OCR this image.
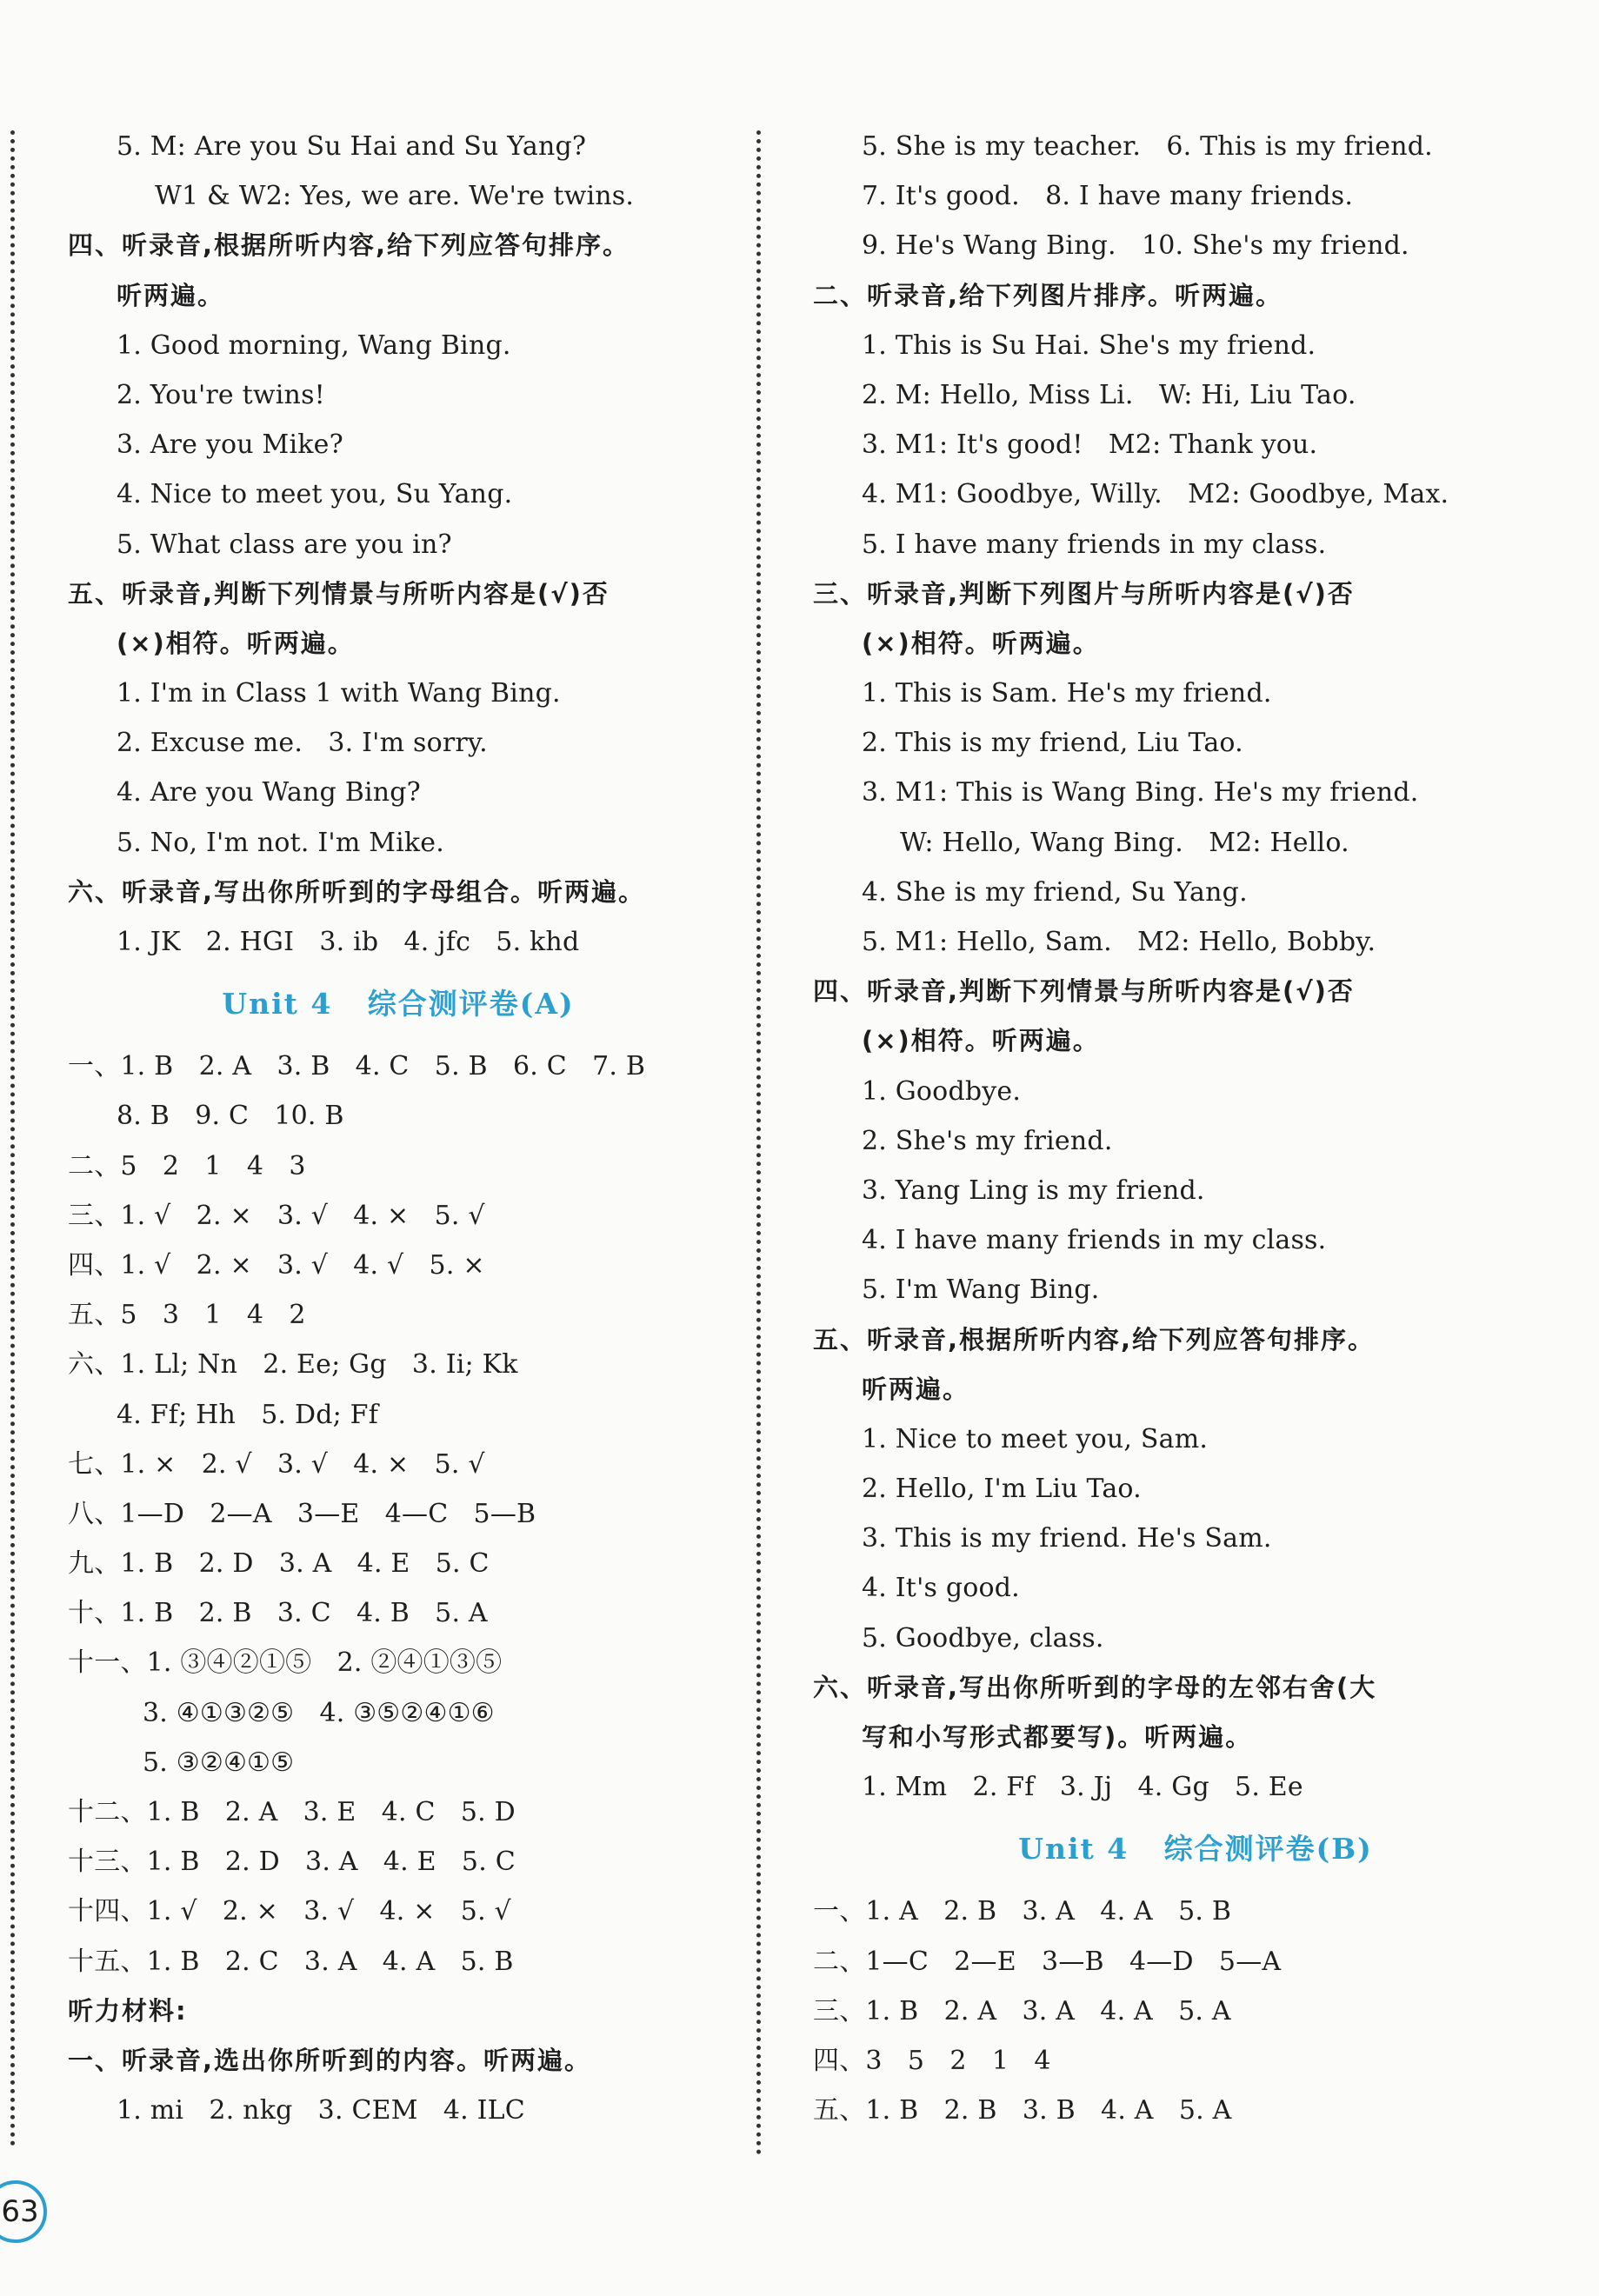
5. M: Are you Su Hai and Su Yang?
W1 & W2: Yes, we are. We're twins.
四、听录音,根据所听内容,给下列应答句排序。
听两遍。
1. Good morning, Wang Bing.
2. You're twins!
3. Are you Mike?
4. Nice to meet you, Su Yang.
5. What class are you in?
五、听录音,判断下列情景与所听内容是(√)否
(×)相符。听两遍。
1. I'm in Class 1 with Wang Bing.
2. Excuse me.   3. I'm sorry.
4. Are you Wang Bing?
5. No, I'm not. I'm Mike.
六、听录音,写出你所听到的字母组合。听两遍。
1. JK   2. HGI   3. ib   4. jfc   5. khd
Unit 4   综合测评卷(A)
一、1. B   2. A   3. B   4. C   5. B   6. C   7. B
8. B   9. C   10. B
二、5   2   1   4   3
三、1. √   2. ×   3. √   4. ×   5. √
四、1. √   2. ×   3. √   4. √   5. ×
五、5   3   1   4   2
六、1. Ll; Nn   2. Ee; Gg   3. Ii; Kk
4. Ff; Hh   5. Dd; Ff
七、1. ×   2. √   3. √   4. ×   5. √
八、1—D   2—A   3—E   4—C   5—B
九、1. B   2. D   3. A   4. E   5. C
十、1. B   2. B   3. C   4. B   5. A
十一、1. ③④②①⑤   2. ②④①③⑤
3. ④①③②⑤   4. ③⑤②④①⑥
5. ③②④①⑤
十二、1. B   2. A   3. E   4. C   5. D
十三、1. B   2. D   3. A   4. E   5. C
十四、1. √   2. ×   3. √   4. ×   5. √
十五、1. B   2. C   3. A   4. A   5. B
听力材料:
一、听录音,选出你所听到的内容。听两遍。
1. mi   2. nkg   3. CEM   4. ILC
5. She is my teacher.   6. This is my friend.
7. It's good.   8. I have many friends.
9. He's Wang Bing.   10. She's my friend.
二、听录音,给下列图片排序。听两遍。
1. This is Su Hai. She's my friend.
2. M: Hello, Miss Li.   W: Hi, Liu Tao.
3. M1: It's good!   M2: Thank you.
4. M1: Goodbye, Willy.   M2: Goodbye, Max.
5. I have many friends in my class.
三、听录音,判断下列图片与所听内容是(√)否
(×)相符。听两遍。
1. This is Sam. He's my friend.
2. This is my friend, Liu Tao.
3. M1: This is Wang Bing. He's my friend.
W: Hello, Wang Bing.   M2: Hello.
4. She is my friend, Su Yang.
5. M1: Hello, Sam.   M2: Hello, Bobby.
四、听录音,判断下列情景与所听内容是(√)否
(×)相符。听两遍。
1. Goodbye.
2. She's my friend.
3. Yang Ling is my friend.
4. I have many friends in my class.
5. I'm Wang Bing.
五、听录音,根据所听内容,给下列应答句排序。
听两遍。
1. Nice to meet you, Sam.
2. Hello, I'm Liu Tao.
3. This is my friend. He's Sam.
4. It's good.
5. Goodbye, class.
六、听录音,写出你所听到的字母的左邻右舍(大
写和小写形式都要写)。听两遍。
1. Mm   2. Ff   3. Jj   4. Gg   5. Ee
Unit 4   综合测评卷(B)
一、1. A   2. B   3. A   4. A   5. B
二、1—C   2—E   3—B   4—D   5—A
三、1. B   2. A   3. A   4. A   5. A
四、3   5   2   1   4
五、1. B   2. B   3. B   4. A   5. A
63
